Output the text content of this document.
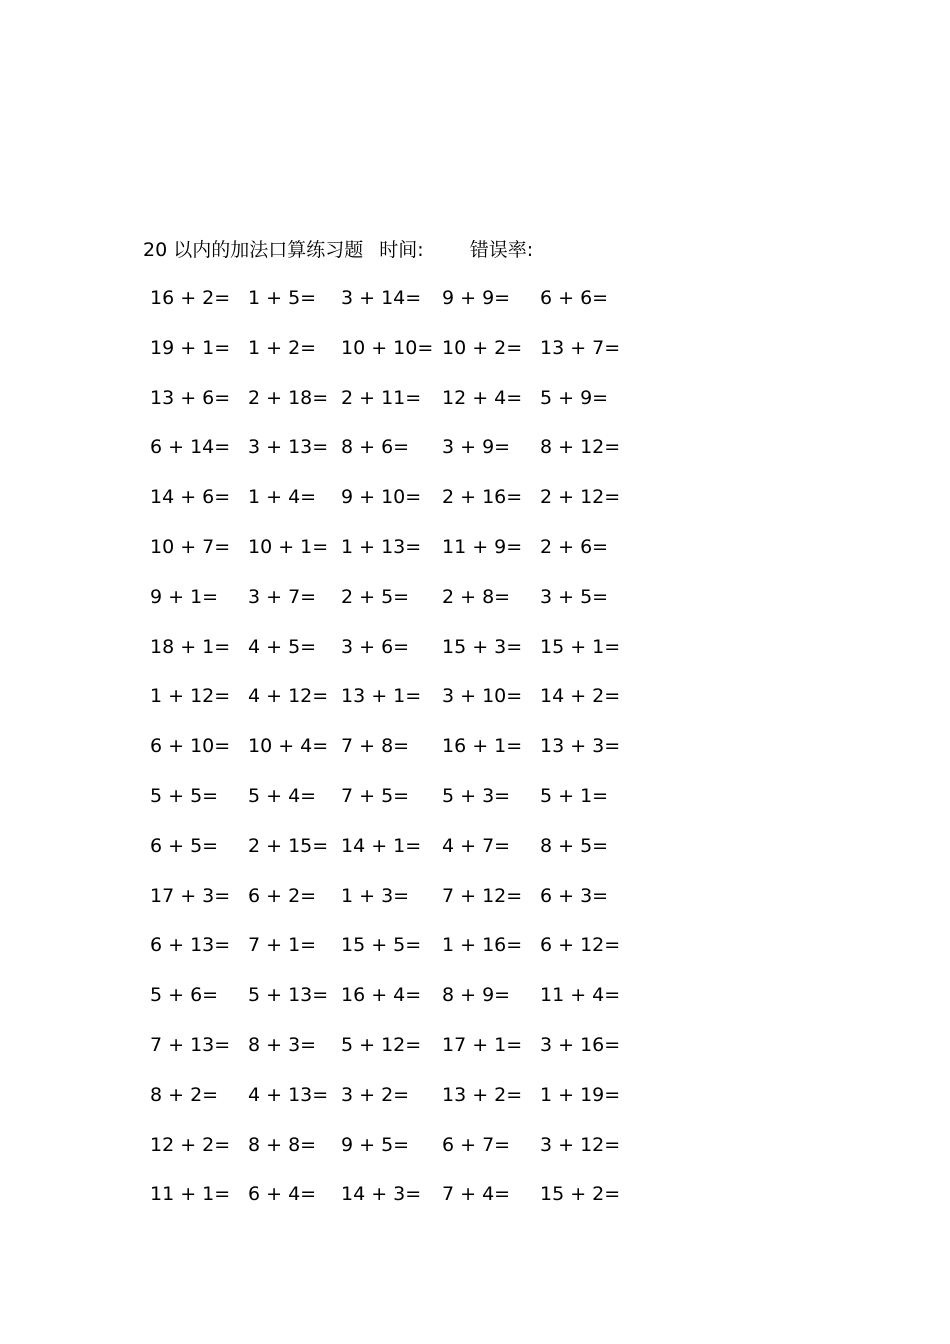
20 以内的加法口算练习题 时间: 错误率:
16 + 2= 1 + 5= 3 + 14= 9 + 9= 6 + 6=
19 + 1= 1 + 2= 10 + 10= 10 + 2= 13 + 7=
13 + 6= 2 + 18= 2 + 11= 12 + 4= 5 + 9=
6 + 14= 3 + 13= 8 + 6= 3 + 9= 8 + 12=
14 + 6= 1 + 4= 9 + 10= 2 + 16= 2 + 12=
10 + 7= 10 + 1= 1 + 13= 11 + 9= 2 + 6=
9 + 1= 3 + 7= 2 + 5= 2 + 8= 3 + 5=
18 + 1= 4 + 5= 3 + 6= 15 + 3= 15 + 1=
1 + 12= 4 + 12= 13 + 1= 3 + 10= 14 + 2=
6 + 10= 10 + 4= 7 + 8= 16 + 1= 13 + 3=
5 + 5= 5 + 4= 7 + 5= 5 + 3= 5 + 1=
6 + 5= 2 + 15= 14 + 1= 4 + 7= 8 + 5=
17 + 3= 6 + 2= 1 + 3= 7 + 12= 6 + 3=
6 + 13= 7 + 1= 15 + 5= 1 + 16= 6 + 12=
5 + 6= 5 + 13= 16 + 4= 8 + 9= 11 + 4=
7 + 13= 8 + 3= 5 + 12= 17 + 1= 3 + 16=
8 + 2= 4 + 13= 3 + 2= 13 + 2= 1 + 19=
12 + 2= 8 + 8= 9 + 5= 6 + 7= 3 + 12=
11 + 1= 6 + 4= 14 + 3= 7 + 4= 15 + 2=
